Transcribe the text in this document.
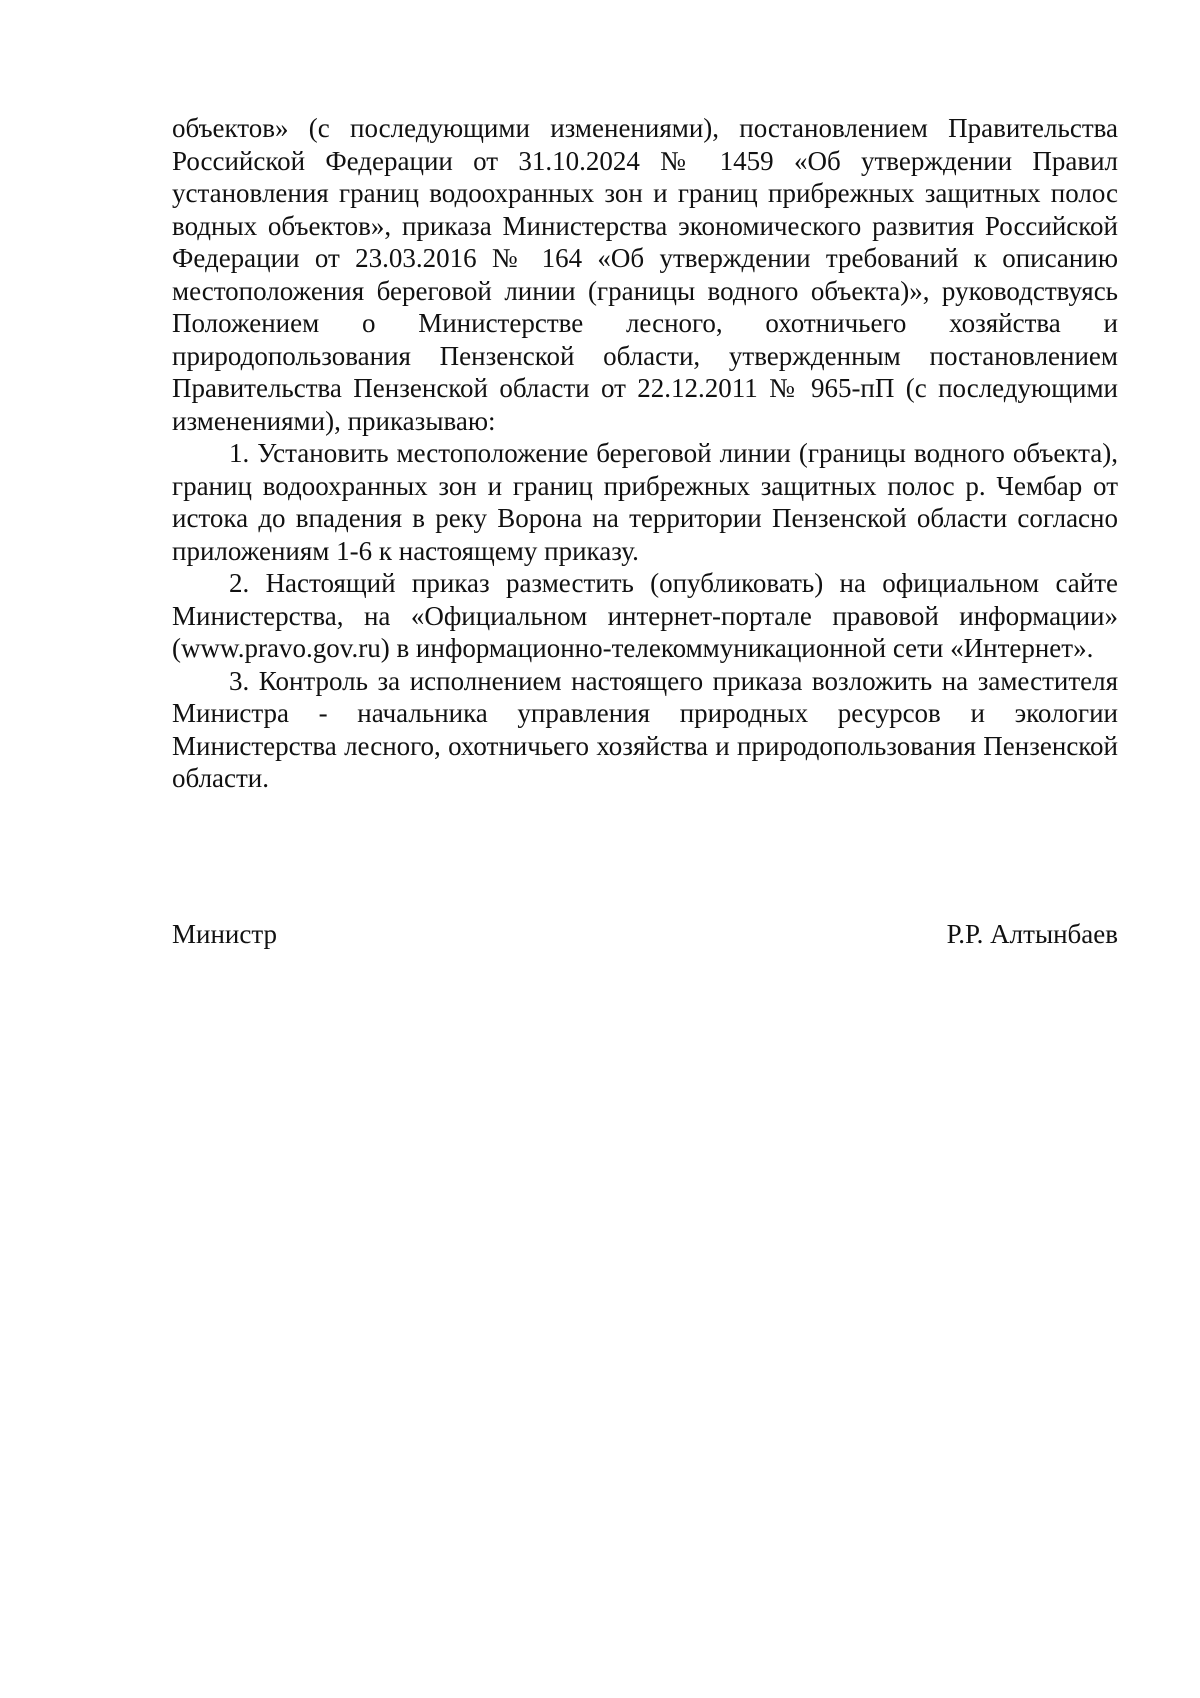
объектов» (с последующими изменениями), постановлением Правительства Российской Федерации от 31.10.2024 № 1459 «Об утверждении Правил установления границ водоохранных зон и границ прибрежных защитных полос водных объектов», приказа Министерства экономического развития Российской Федерации от 23.03.2016 № 164 «Об утверждении требований к описанию местоположения береговой линии (границы водного объекта)», руководствуясь Положением о Министерстве лесного, охотничьего хозяйства и природопользования Пензенской области, утвержденным постановлением Правительства Пензенской области от 22.12.2011 № 965-пП (с последующими изменениями), приказываю:

1. Установить местоположение береговой линии (границы водного объекта), границ водоохранных зон и границ прибрежных защитных полос р. Чембар от истока до впадения в реку Ворона на территории Пензенской области согласно приложениям 1-6 к настоящему приказу.

2. Настоящий приказ разместить (опубликовать) на официальном сайте Министерства, на «Официальном интернет-портале правовой информации» (www.pravo.gov.ru) в информационно-телекоммуникационной сети «Интернет».

3. Контроль за исполнением настоящего приказа возложить на заместителя Министра - начальника управления природных ресурсов и экологии Министерства лесного, охотничьего хозяйства и природопользования Пензенской области.

Министр	Р.Р. Алтынбаев
